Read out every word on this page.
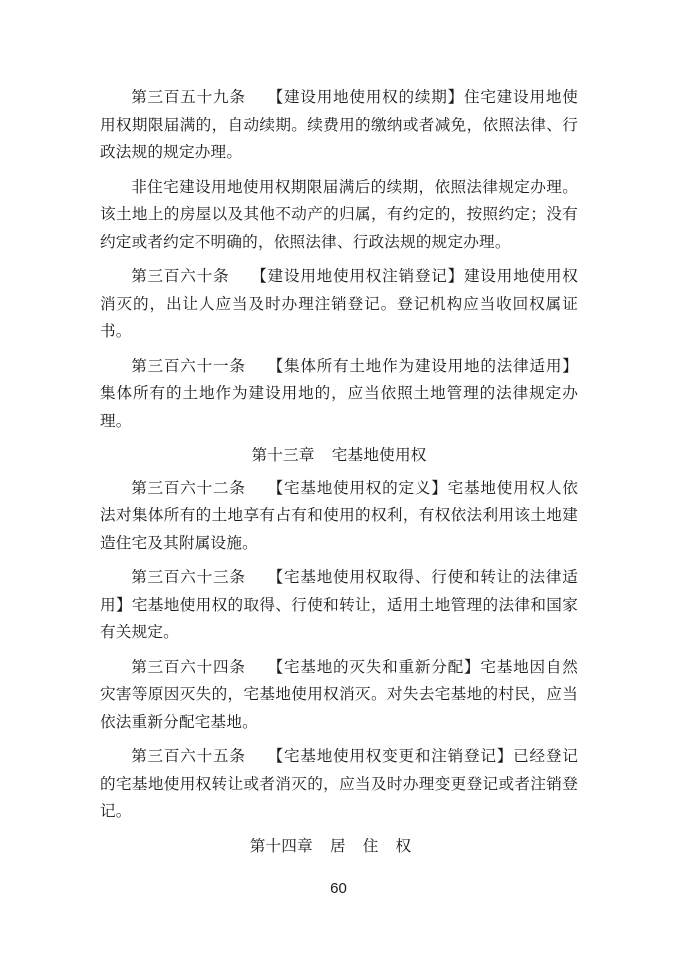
第三百五十九条 【建设用地使用权的续期】住宅建设用地使用权期限届满的，自动续期。续费用的缴纳或者减免，依照法律、行政法规的规定办理。

非住宅建设用地使用权期限届满后的续期，依照法律规定办理。该土地上的房屋以及其他不动产的归属，有约定的，按照约定；没有约定或者约定不明确的，依照法律、行政法规的规定办理。

第三百六十条 【建设用地使用权注销登记】建设用地使用权消灭的，出让人应当及时办理注销登记。登记机构应当收回权属证书。

第三百六十一条 【集体所有土地作为建设用地的法律适用】集体所有的土地作为建设用地的，应当依照土地管理的法律规定办理。

第十三章 宅基地使用权

第三百六十二条 【宅基地使用权的定义】宅基地使用权人依法对集体所有的土地享有占有和使用的权利，有权依法利用该土地建造住宅及其附属设施。

第三百六十三条 【宅基地使用权取得、行使和转让的法律适用】宅基地使用权的取得、行使和转让，适用土地管理的法律和国家有关规定。

第三百六十四条 【宅基地的灭失和重新分配】宅基地因自然灾害等原因灭失的，宅基地使用权消灭。对失去宅基地的村民，应当依法重新分配宅基地。

第三百六十五条 【宅基地使用权变更和注销登记】已经登记的宅基地使用权转让或者消灭的，应当及时办理变更登记或者注销登记。

第十四章 居住权
60
